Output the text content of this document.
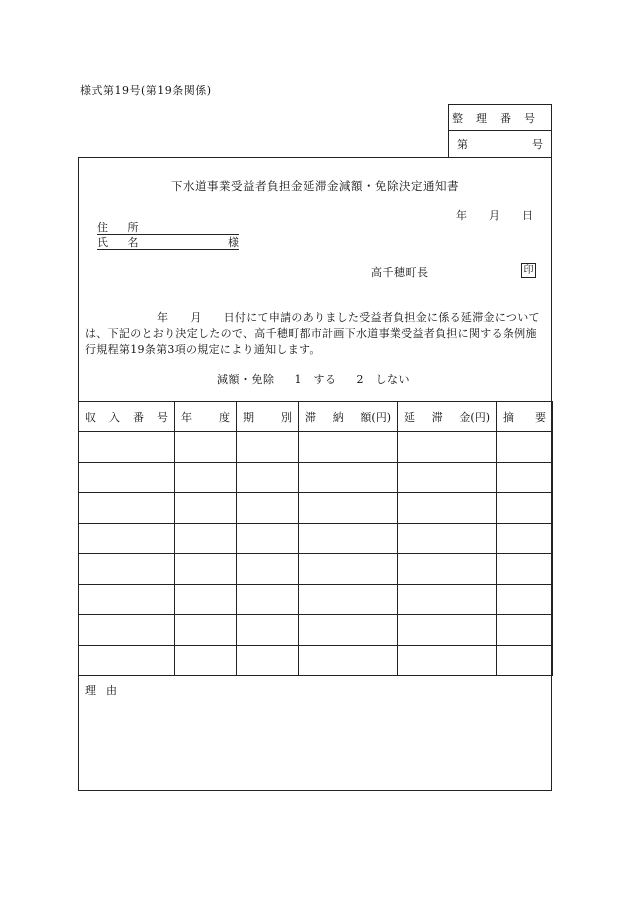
様式第19号(第19条関係)
整 理 番 号
第	号
下水道事業受益者負担金延滞金減額・免除決定通知書
年 月 日
住 所
氏 名	様
高千穂町長	印
年 月 日付にて申請のありました受益者負担金に係る延滞金については、下記のとおり決定したので、高千穂町都市計画下水道事業受益者負担に関する条例施行規程第19条第3項の規定により通知します。
減額・免除 1　する 2　しない
収 入 番 号	年 度	期 別	滞 納 額(円)	延 滞 金(円)	摘 要

理由
